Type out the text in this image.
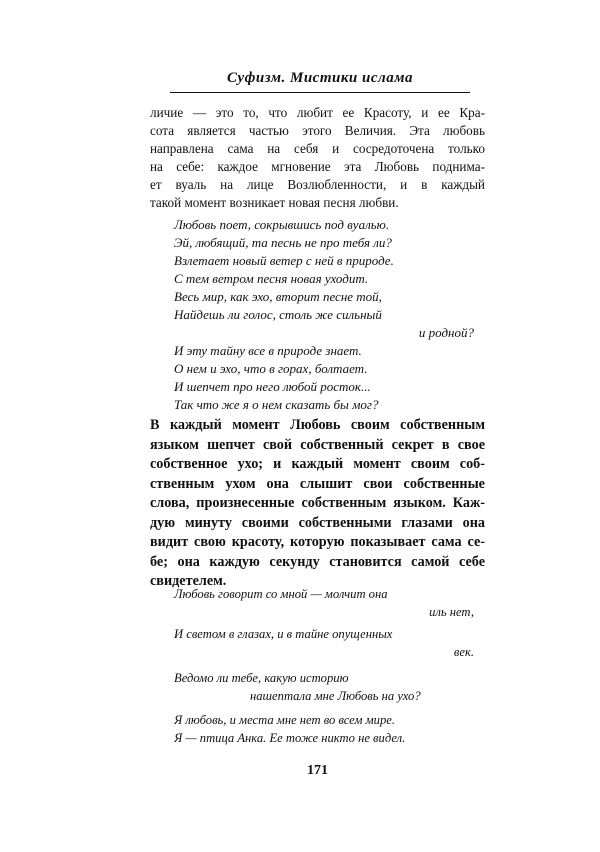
Суфизм. Мистики ислама
личие — это то, что любит ее Красоту, и ее Кра-
сота является частью этого Величия. Эта любовь
направлена сама на себя и сосредоточена только
на себе: каждое мгновение эта Любовь поднима-
ет вуаль на лице Возлюбленности, и в каждый
такой момент возникает новая песня любви.
Любовь поет, сокрывшись под вуалью.
Эй, любящий, та песнь не про тебя ли?
Взлетает новый ветер с ней в природе.
С тем ветром песня новая уходит.
Весь мир, как эхо, вторит песне той,
Найдешь ли голос, столь же сильный
и родной?
И эту тайну все в природе знает.
О нем и эхо, что в горах, болтает.
И шепчет про него любой росток...
Так что же я о нем сказать бы мог?
В каждый момент Любовь своим собственным
языком шепчет свой собственный секрет в свое
собственное ухо; и каждый момент своим соб-
ственным ухом она слышит свои собственные
слова, произнесенные собственным языком. Каж-
дую минуту своими собственными глазами она
видит свою красоту, которую показывает сама се-
бе; она каждую секунду становится самой себе
свидетелем.
Любовь говорит со мной — молчит она
иль нет,
И светом в глазах, и в тайне опущенных
век.
Ведомо ли тебе, какую историю
нашептала мне Любовь на ухо?
Я любовь, и места мне нет во всем мире.
Я — птица Анка. Ее тоже никто не видел.
171
